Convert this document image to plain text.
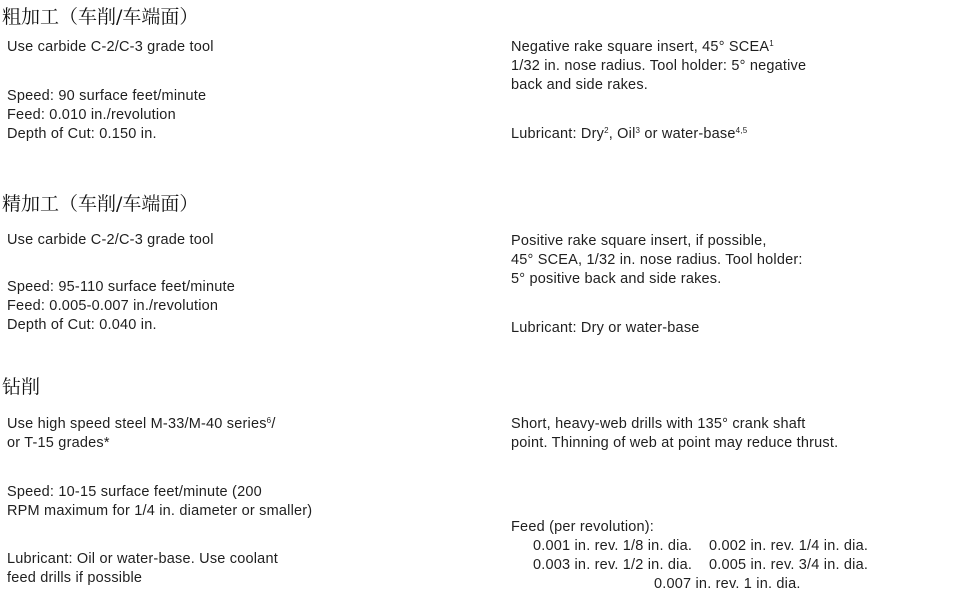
粗加工（车削/车端面）

Use carbide C-2/C-3 grade tool

Speed: 90 surface feet/minute

Feed: 0.010 in./revolution

Depth of Cut: 0.150 in.

Negative rake square insert, 45° SCEA$^1$

1/32 in. nose radius. Tool holder: 5° negative

back and side rakes.

Lubricant: Dry$^2$, Oil$^3$ or water-base$^{4,5}$

精加工（车削/车端面）

Use carbide C-2/C-3 grade tool

Speed: 95-110 surface feet/minute

Feed: 0.005-0.007 in./revolution

Depth of Cut: 0.040 in.

Positive rake square insert, if possible,

45° SCEA, 1/32 in. nose radius. Tool holder:

5° positive back and side rakes.

Lubricant: Dry or water-base

钻削

Use high speed steel M-33/M-40 series$^6$/

or T-15 grades*

Speed: 10-15 surface feet/minute (200

RPM maximum for 1/4 in. diameter or smaller)

Lubricant: Oil or water-base. Use coolant

feed drills if possible

Short, heavy-web drills with 135° crank shaft

point. Thinning of web at point may reduce thrust.

Feed (per revolution):

0.001 in. rev. 1/8 in. dia.    0.002 in. rev. 1/4 in. dia.

0.003 in. rev. 1/2 in. dia.    0.005 in. rev. 3/4 in. dia.

0.007 in. rev. 1 in. dia.
